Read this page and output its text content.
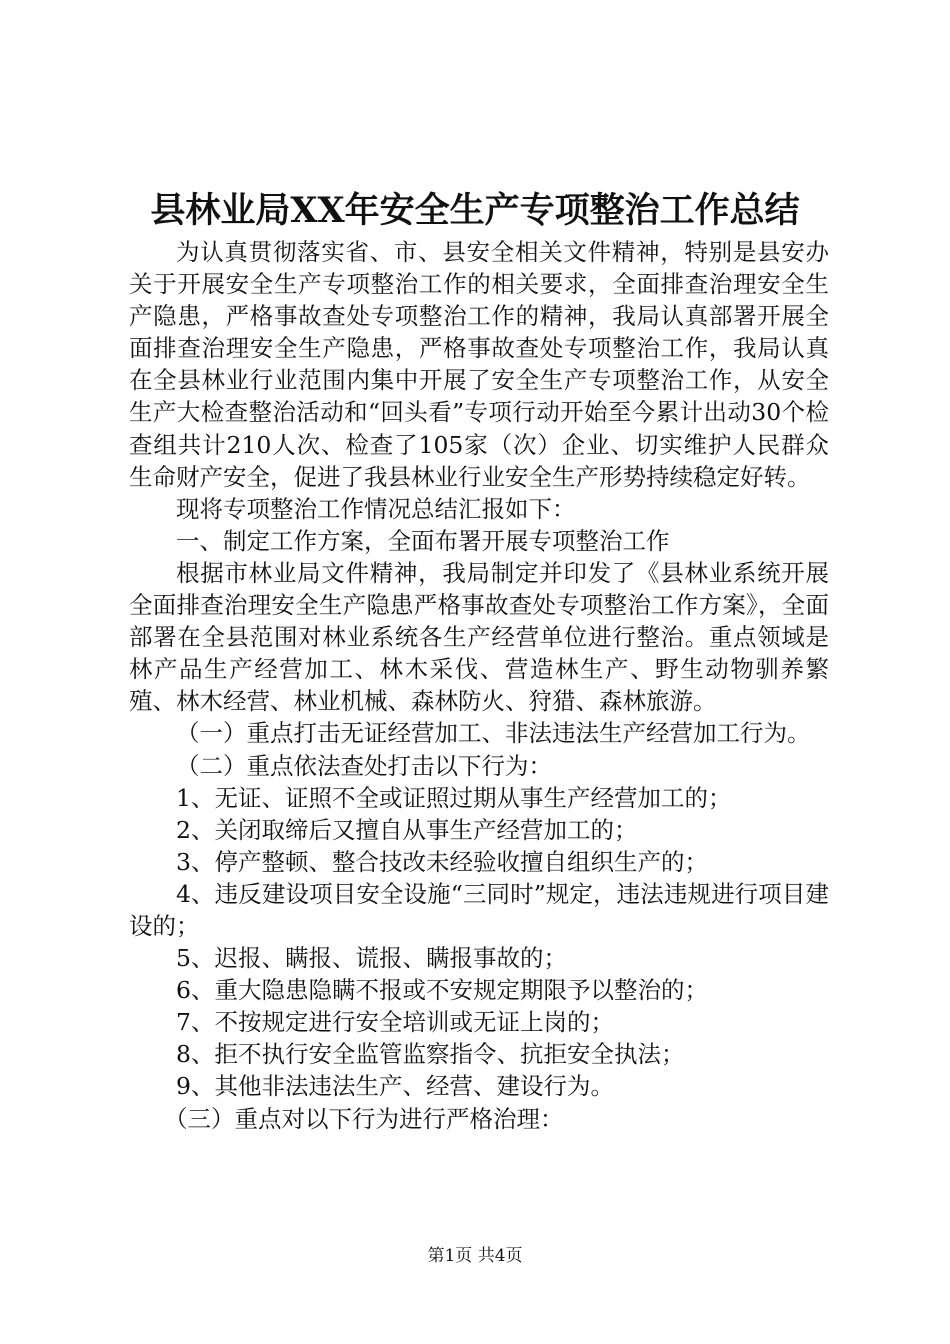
县林业局XX年安全生产专项整治工作总结

为认真贯彻落实省、市、县安全相关文件精神，特别是县安办关于开展安全生产专项整治工作的相关要求，全面排查治理安全生产隐患，严格事故查处专项整治工作的精神，我局认真部署开展全面排查治理安全生产隐患，严格事故查处专项整治工作，我局认真在全县林业行业范围内集中开展了安全生产专项整治工作，从安全生产大检查整治活动和“回头看”专项行动开始至今累计出动30个检查组共计210人次、检查了105家（次）企业、切实维护人民群众生命财产安全，促进了我县林业行业安全生产形势持续稳定好转。

现将专项整治工作情况总结汇报如下：

一、制定工作方案，全面布署开展专项整治工作

根据市林业局文件精神，我局制定并印发了《县林业系统开展全面排查治理安全生产隐患严格事故查处专项整治工作方案》，全面部署在全县范围对林业系统各生产经营单位进行整治。重点领域是林产品生产经营加工、林木采伐、营造林生产、野生动物驯养繁殖、林木经营、林业机械、森林防火、狩猎、森林旅游。

（一）重点打击无证经营加工、非法违法生产经营加工行为。

（二）重点依法查处打击以下行为：

1、无证、证照不全或证照过期从事生产经营加工的；

2、关闭取缔后又擅自从事生产经营加工的；

3、停产整顿、整合技改未经验收擅自组织生产的；

4、违反建设项目安全设施“三同时”规定，违法违规进行项目建设的；

5、迟报、瞒报、谎报、瞒报事故的；

6、重大隐患隐瞒不报或不安规定期限予以整治的；

7、不按规定进行安全培训或无证上岗的；

8、拒不执行安全监管监察指令、抗拒安全执法；

9、其他非法违法生产、经营、建设行为。

（三）重点对以下行为进行严格治理：

第1页 共4页
